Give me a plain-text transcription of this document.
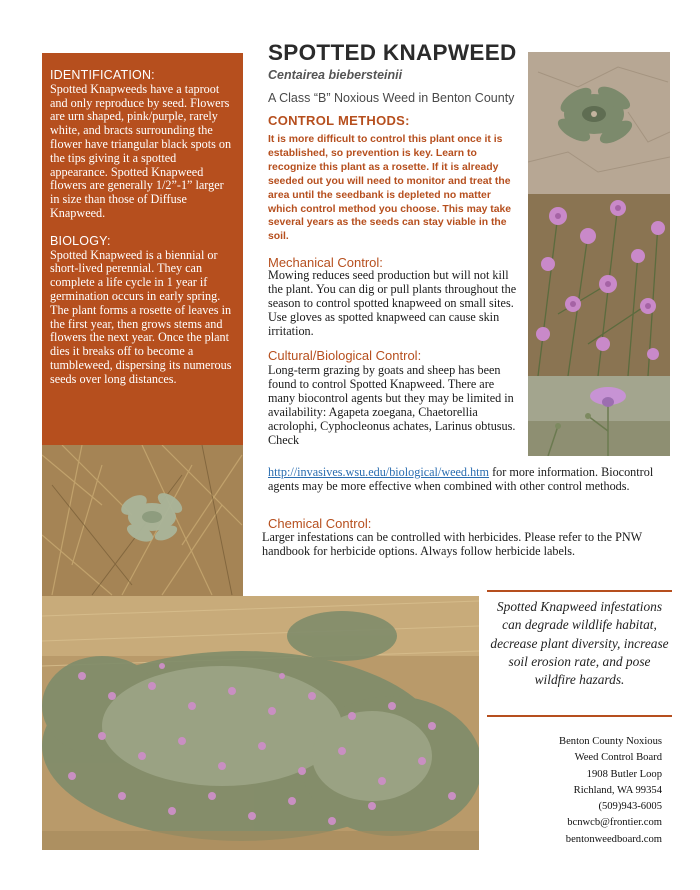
IDENTIFICATION:
Spotted Knapweeds have a taproot and only reproduce by seed. Flowers are urn shaped, pink/purple, rarely white, and bracts surrounding the flower have triangular black spots on the tips giving it a spotted appearance. Spotted Knapweed flowers are generally 1/2”-1” larger in size than those of Diffuse Knapweed.
BIOLOGY:
Spotted Knapweed is a biennial or short-lived perennial. They can complete a life cycle in 1 year if germination occurs in early spring. The plant forms a rosette of leaves in the first year, then grows stems and flowers the next year. Once the plant dies it breaks off to become a tumbleweed, dispersing its numerous seeds over long distances.
SPOTTED KNAPWEED
Centairea biebersteinii
A Class “B” Noxious Weed in Benton County
CONTROL METHODS:
It is more difficult to control this plant once it is established, so prevention is key. Learn to recognize this plant as a rosette. If it is already seeded out you will need to monitor and treat the area until the seedbank is depleted no matter which control method you choose. This may take several years as the seeds can stay viable in the soil.
Mechanical Control:
Mowing reduces seed production but will not kill the plant. You can dig or pull plants throughout the season to control spotted knapweed on small sites. Use gloves as spotted knapweed can cause skin irritation.
Cultural/Biological Control:
Long-term grazing by goats and sheep has been found to control Spotted Knapweed. There are many biocontrol agents but they may be limited in availability: Agapeta zoegana, Chaetorellia acrolophi, Cyphocleonus achates, Larinus obtusus. Check
http://invasives.wsu.edu/biological/weed.htm for more information. Biocontrol agents may be more effective when combined with other control methods.
Chemical Control:
Larger infestations can be controlled with herbicides. Please refer to the PNW handbook for herbicide options. Always follow herbicide labels.
Spotted Knapweed infestations can degrade wildlife habitat, decrease plant diversity, increase soil erosion rate, and pose wildfire hazards.
Benton County Noxious
Weed Control Board
1908 Butler Loop
Richland, WA 99354
(509)943-6005
bcnwcb@frontier.com
bentonweedboard.com
